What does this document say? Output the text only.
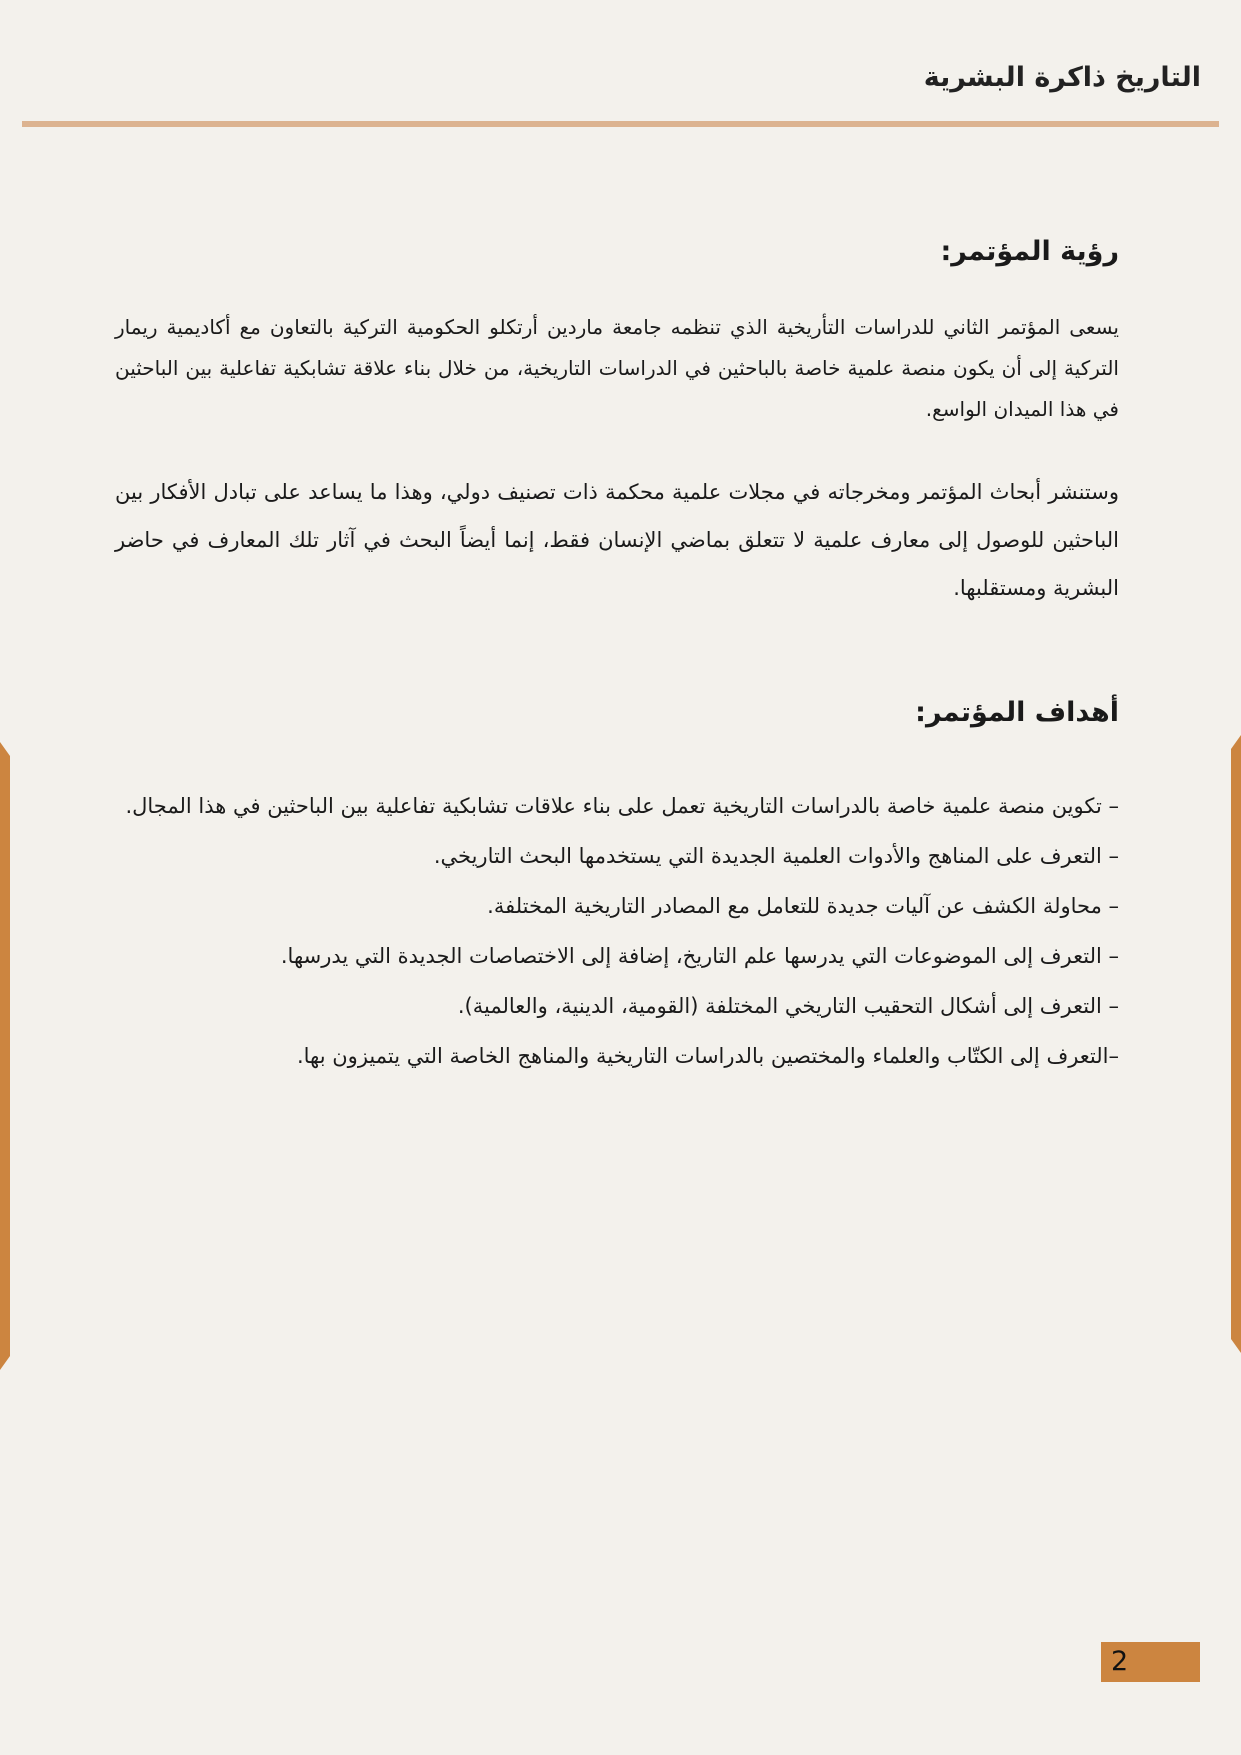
التاريخ ذاكرة البشرية
رؤية المؤتمر:

يسعى المؤتمر الثاني للدراسات التأريخية الذي تنظمه جامعة ماردين أرتكلو الحكومية التركية بالتعاون مع أكاديمية ريمار التركية إلى أن يكون منصة علمية خاصة بالباحثين في الدراسات التاريخية، من خلال بناء علاقة تشابكية تفاعلية بين الباحثين في هذا الميدان الواسع.

وستنشر أبحاث المؤتمر ومخرجاته في مجلات علمية محكمة ذات تصنيف دولي، وهذا ما يساعد على تبادل الأفكار بين الباحثين للوصول إلى معارف علمية لا تتعلق بماضي الإنسان فقط، إنما أيضاً البحث في آثار تلك المعارف في حاضر البشرية ومستقلبها.

أهداف المؤتمر:
– تكوين منصة علمية خاصة بالدراسات التاريخية تعمل على بناء علاقات تشابكية تفاعلية بين الباحثين في هذا المجال.
– التعرف على المناهج والأدوات العلمية الجديدة التي يستخدمها البحث التاريخي.
– محاولة الكشف عن آليات جديدة للتعامل مع المصادر التاريخية المختلفة.
– التعرف إلى الموضوعات التي يدرسها علم التاريخ، إضافة إلى الاختصاصات الجديدة التي يدرسها.
– التعرف إلى أشكال التحقيب التاريخي المختلفة (القومية، الدينية، والعالمية).
–التعرف إلى الكتّاب والعلماء والمختصين بالدراسات التاريخية والمناهج الخاصة التي يتميزون بها.
2
